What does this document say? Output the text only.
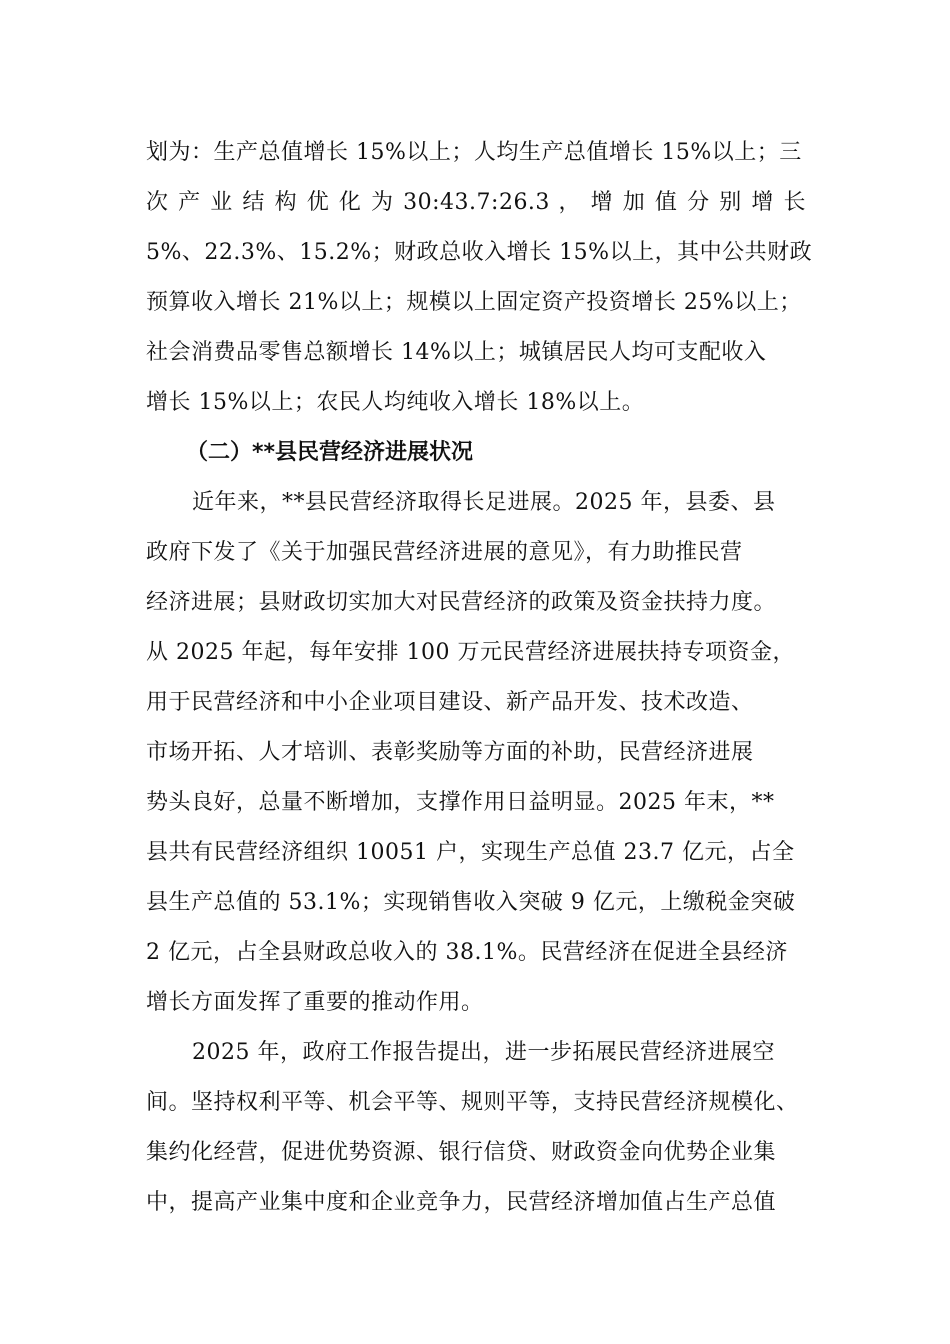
划为：生产总值增长 15%以上；人均生产总值增长 15%以上；三
次 产 业 结 构 优 化 为 30:43.7:26.3 ， 增 加 值 分 别 增 长
5%、22.3%、15.2%；财政总收入增长 15%以上，其中公共财政
预算收入增长 21%以上；规模以上固定资产投资增长 25%以上；
社会消费品零售总额增长 14%以上；城镇居民人均可支配收入
增长 15%以上；农民人均纯收入增长 18%以上。
（二）**县民营经济进展状况
近年来，**县民营经济取得长足进展。2025 年，县委、县
政府下发了《关于加强民营经济进展的意见》，有力助推民营
经济进展；县财政切实加大对民营经济的政策及资金扶持力度。
从 2025 年起，每年安排 100 万元民营经济进展扶持专项资金，
用于民营经济和中小企业项目建设、新产品开发、技术改造、
市场开拓、人才培训、表彰奖励等方面的补助，民营经济进展
势头良好，总量不断增加，支撑作用日益明显。2025 年末，**
县共有民营经济组织 10051 户，实现生产总值 23.7 亿元，占全
县生产总值的 53.1%；实现销售收入突破 9 亿元，上缴税金突破
2 亿元，占全县财政总收入的 38.1%。民营经济在促进全县经济
增长方面发挥了重要的推动作用。
2025 年，政府工作报告提出，进一步拓展民营经济进展空
间。坚持权利平等、机会平等、规则平等，支持民营经济规模化、
集约化经营，促进优势资源、银行信贷、财政资金向优势企业集
中，提高产业集中度和企业竞争力，民营经济增加值占生产总值
